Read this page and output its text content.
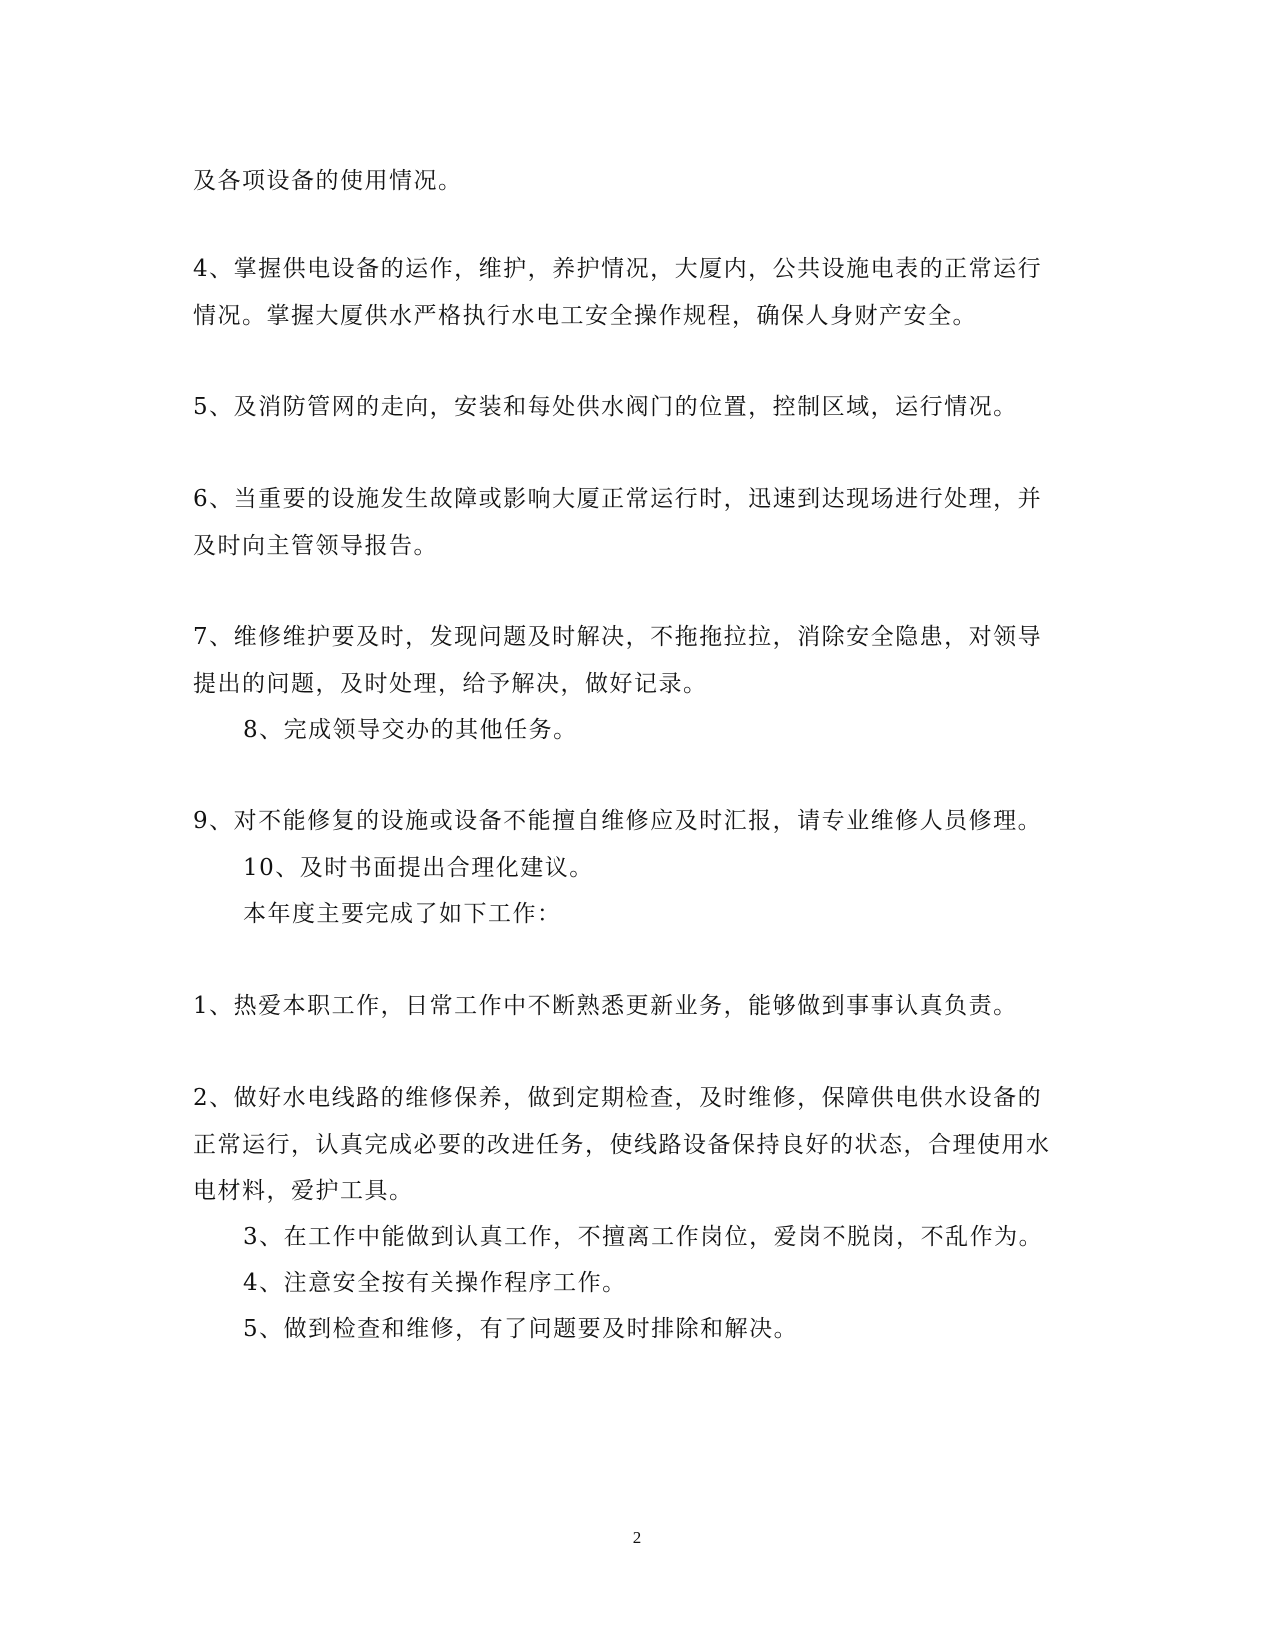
及各项设备的使用情况。
4、掌握供电设备的运作，维护，养护情况，大厦内，公共设施电表的正常运行
情况。掌握大厦供水严格执行水电工安全操作规程，确保人身财产安全。
5、及消防管网的走向，安装和每处供水阀门的位置，控制区域，运行情况。
6、当重要的设施发生故障或影响大厦正常运行时，迅速到达现场进行处理，并
及时向主管领导报告。
7、维修维护要及时，发现问题及时解决，不拖拖拉拉，消除安全隐患，对领导
提出的问题，及时处理，给予解决，做好记录。
8、完成领导交办的其他任务。
9、对不能修复的设施或设备不能擅自维修应及时汇报，请专业维修人员修理。
10、及时书面提出合理化建议。
本年度主要完成了如下工作：
1、热爱本职工作，日常工作中不断熟悉更新业务，能够做到事事认真负责。
2、做好水电线路的维修保养，做到定期检查，及时维修，保障供电供水设备的
正常运行，认真完成必要的改进任务，使线路设备保持良好的状态，合理使用水
电材料，爱护工具。
3、在工作中能做到认真工作，不擅离工作岗位，爱岗不脱岗，不乱作为。
4、注意安全按有关操作程序工作。
5、做到检查和维修，有了问题要及时排除和解决。
2
